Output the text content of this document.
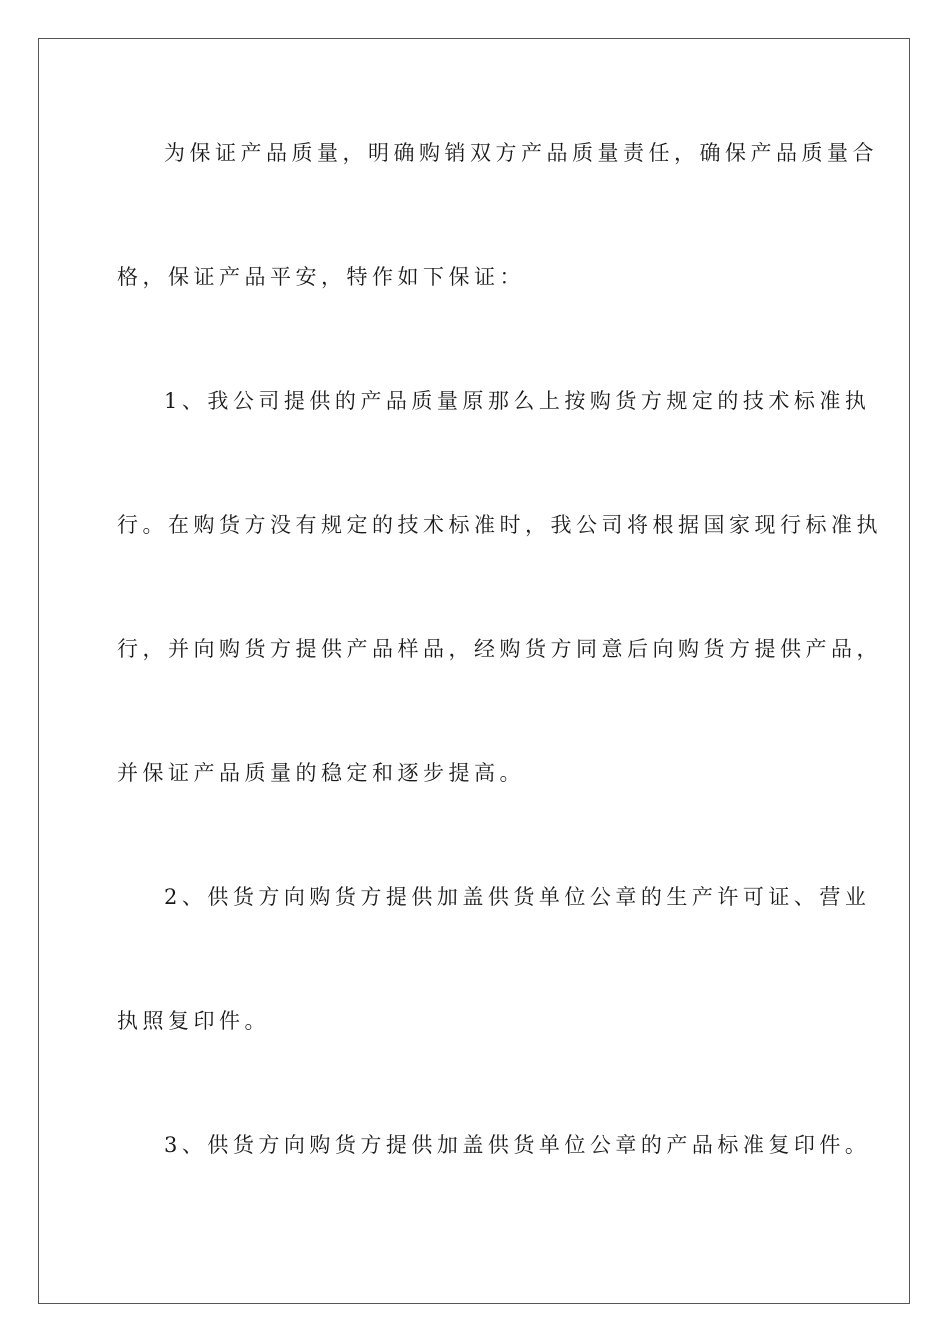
为保证产品质量，明确购销双方产品质量责任，确保产品质量合
格，保证产品平安，特作如下保证：
1、我公司提供的产品质量原那么上按购货方规定的技术标准执
行。在购货方没有规定的技术标准时，我公司将根据国家现行标准执
行，并向购货方提供产品样品，经购货方同意后向购货方提供产品，
并保证产品质量的稳定和逐步提高。
2、供货方向购货方提供加盖供货单位公章的生产许可证、营业
执照复印件。
3、供货方向购货方提供加盖供货单位公章的产品标准复印件。
